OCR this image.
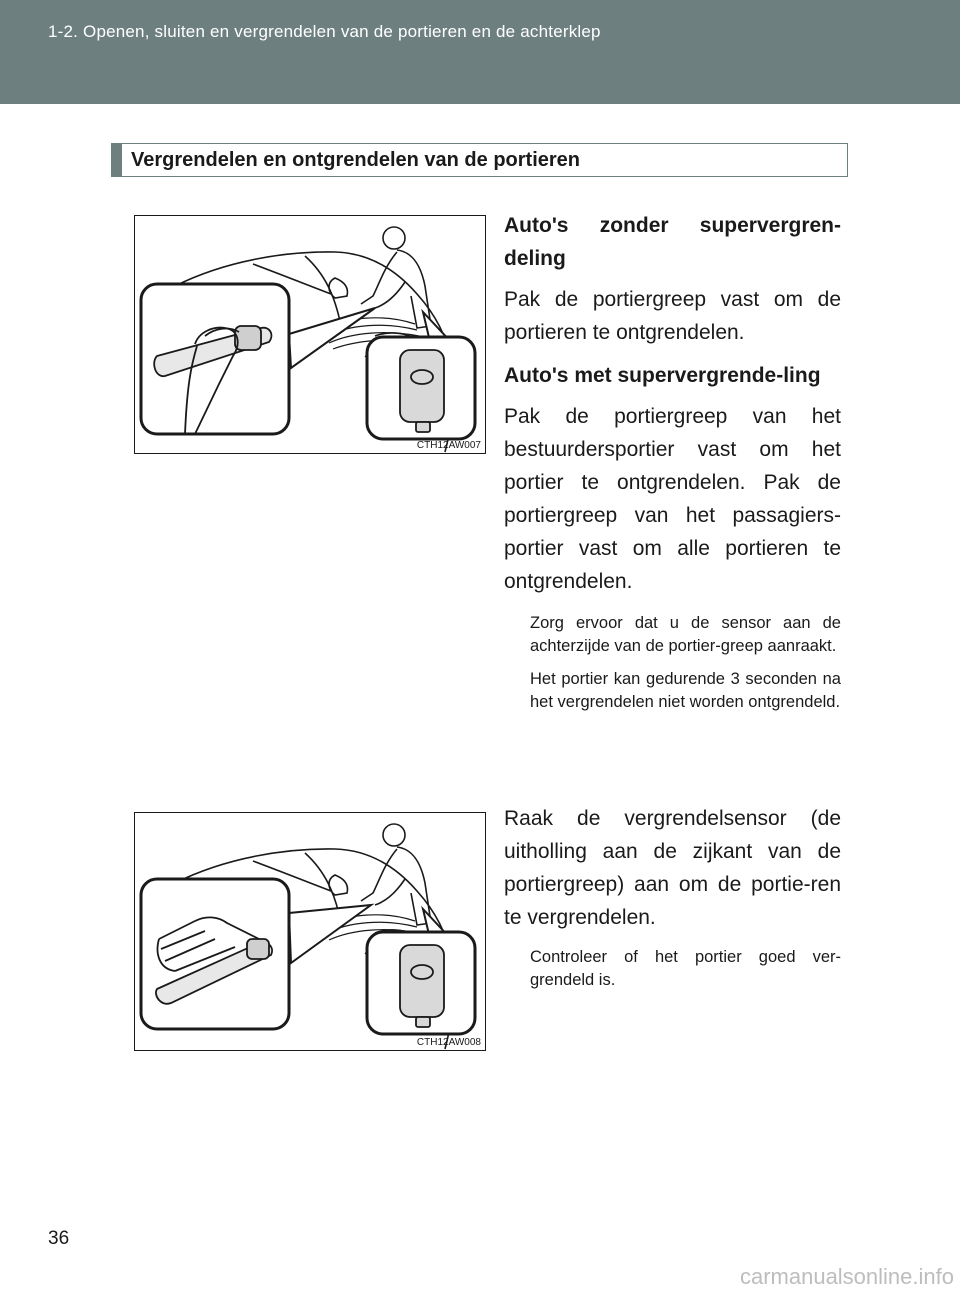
1-2. Openen, sluiten en vergrendelen van de portieren en de achterklep
Vergrendelen en ontgrendelen van de portieren
CTH12AW007
CTH12AW008
Auto's zonder supervergren-deling
Pak de portiergreep vast om de portieren te ontgrendelen.
Auto's met supervergrende-ling
Pak de portiergreep van het bestuurdersportier vast om het portier te ontgrendelen. Pak de portiergreep van het passagiers-portier vast om alle portieren te ontgrendelen.
Zorg ervoor dat u de sensor aan de achterzijde van de portier-greep aanraakt.
Het portier kan gedurende 3 seconden na het vergrendelen niet worden ontgrendeld.
Raak de vergrendelsensor (de uitholling aan de zijkant van de portiergreep) aan om de portie-ren te vergrendelen.
Controleer of het portier goed ver-grendeld is.
36
carmanualsonline.info
